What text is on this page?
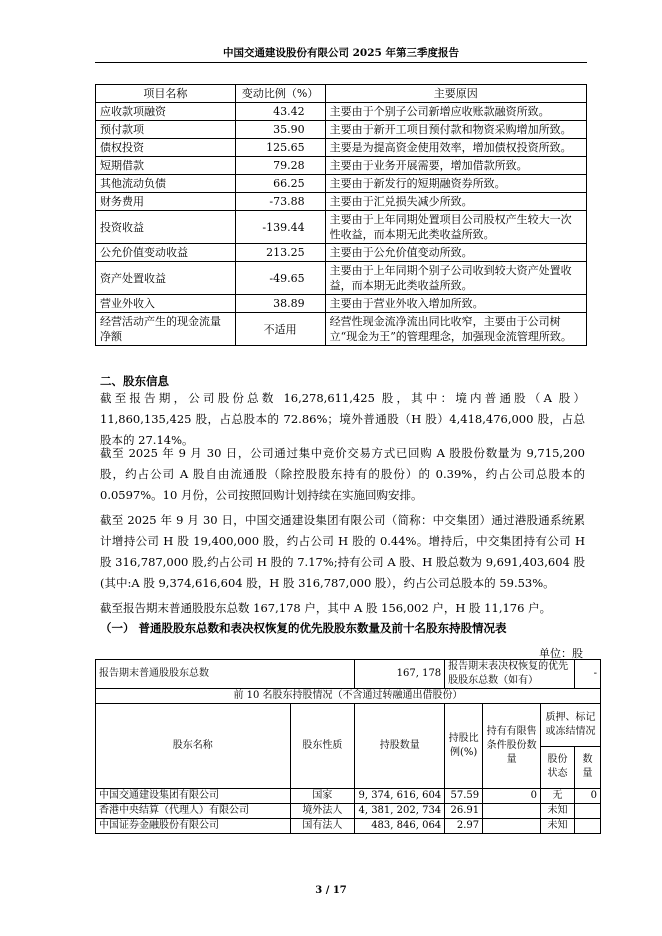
中国交通建设股份有限公司 2025 年第三季度报告
项目名称	变动比例（%）	主要原因
应收款项融资	43.42	主要由于个别子公司新增应收账款融资所致。
预付款项	35.90	主要由于新开工项目预付款和物资采购增加所致。
债权投资	125.65	主要是为提高资金使用效率，增加债权投资所致。
短期借款	79.28	主要由于业务开展需要，增加借款所致。
其他流动负债	66.25	主要由于新发行的短期融资券所致。
财务费用	-73.88	主要由于汇兑损失减少所致。
投资收益	-139.44	主要由于上年同期处置项目公司股权产生较大一次性收益，而本期无此类收益所致。
公允价值变动收益	213.25	主要由于公允价值变动所致。
资产处置收益	-49.65	主要由于上年同期个别子公司收到较大资产处置收益，而本期无此类收益所致。
营业外收入	38.89	主要由于营业外收入增加所致。
经营活动产生的现金流量净额	不适用	经营性现金流净流出同比收窄，主要由于公司树立“现金为王”的管理理念，加强现金流管理所致。
二、股东信息
截至报告期，公司股份总数 16,278,611,425 股，其中：境内普通股（A 股）11,860,135,425 股，占总股本的 72.86%；境外普通股（H 股）4,418,476,000 股，占总股本的 27.14%。
截至 2025 年 9 月 30 日，公司通过集中竞价交易方式已回购 A 股股份数量为 9,715,200 股，约占公司 A 股自由流通股（除控股股东持有的股份）的 0.39%，约占公司总股本的 0.0597%。10 月份，公司按照回购计划持续在实施回购安排。
截至 2025 年 9 月 30 日，中国交通建设集团有限公司（简称：中交集团）通过港股通系统累计增持公司 H 股 19,400,000 股，约占公司 H 股的 0.44%。增持后，中交集团持有公司 H 股 316,787,000 股,约占公司 H 股的 7.17%;持有公司 A 股、H 股总数为 9,691,403,604 股(其中:A 股 9,374,616,604 股，H 股 316,787,000 股），约占公司总股本的 59.53%。
截至报告期末普通股股东总数 167,178 户，其中 A 股 156,002 户，H 股 11,176 户。
（一） 普通股股东总数和表决权恢复的优先股股东数量及前十名股东持股情况表
单位：股
报告期末普通股股东总数		167, 178	报告期末表决权恢复的优先股股东总数（如有）			-
前 10 名股东持股情况（不含通过转融通出借股份）						
股东名称	股东性质	持股数量	持股比例(%)	持有有限售条件股份数量	质押、标记或冻结情况	
					股份状态	数量
中国交通建设集团有限公司	国家	9, 374, 616, 604	57.59	0	无	0
香港中央结算（代理人）有限公司	境外法人	4, 381, 202, 734	26.91		未知	
中国证券金融股份有限公司	国有法人	483, 846, 064	2.97		未知	
3 / 17
